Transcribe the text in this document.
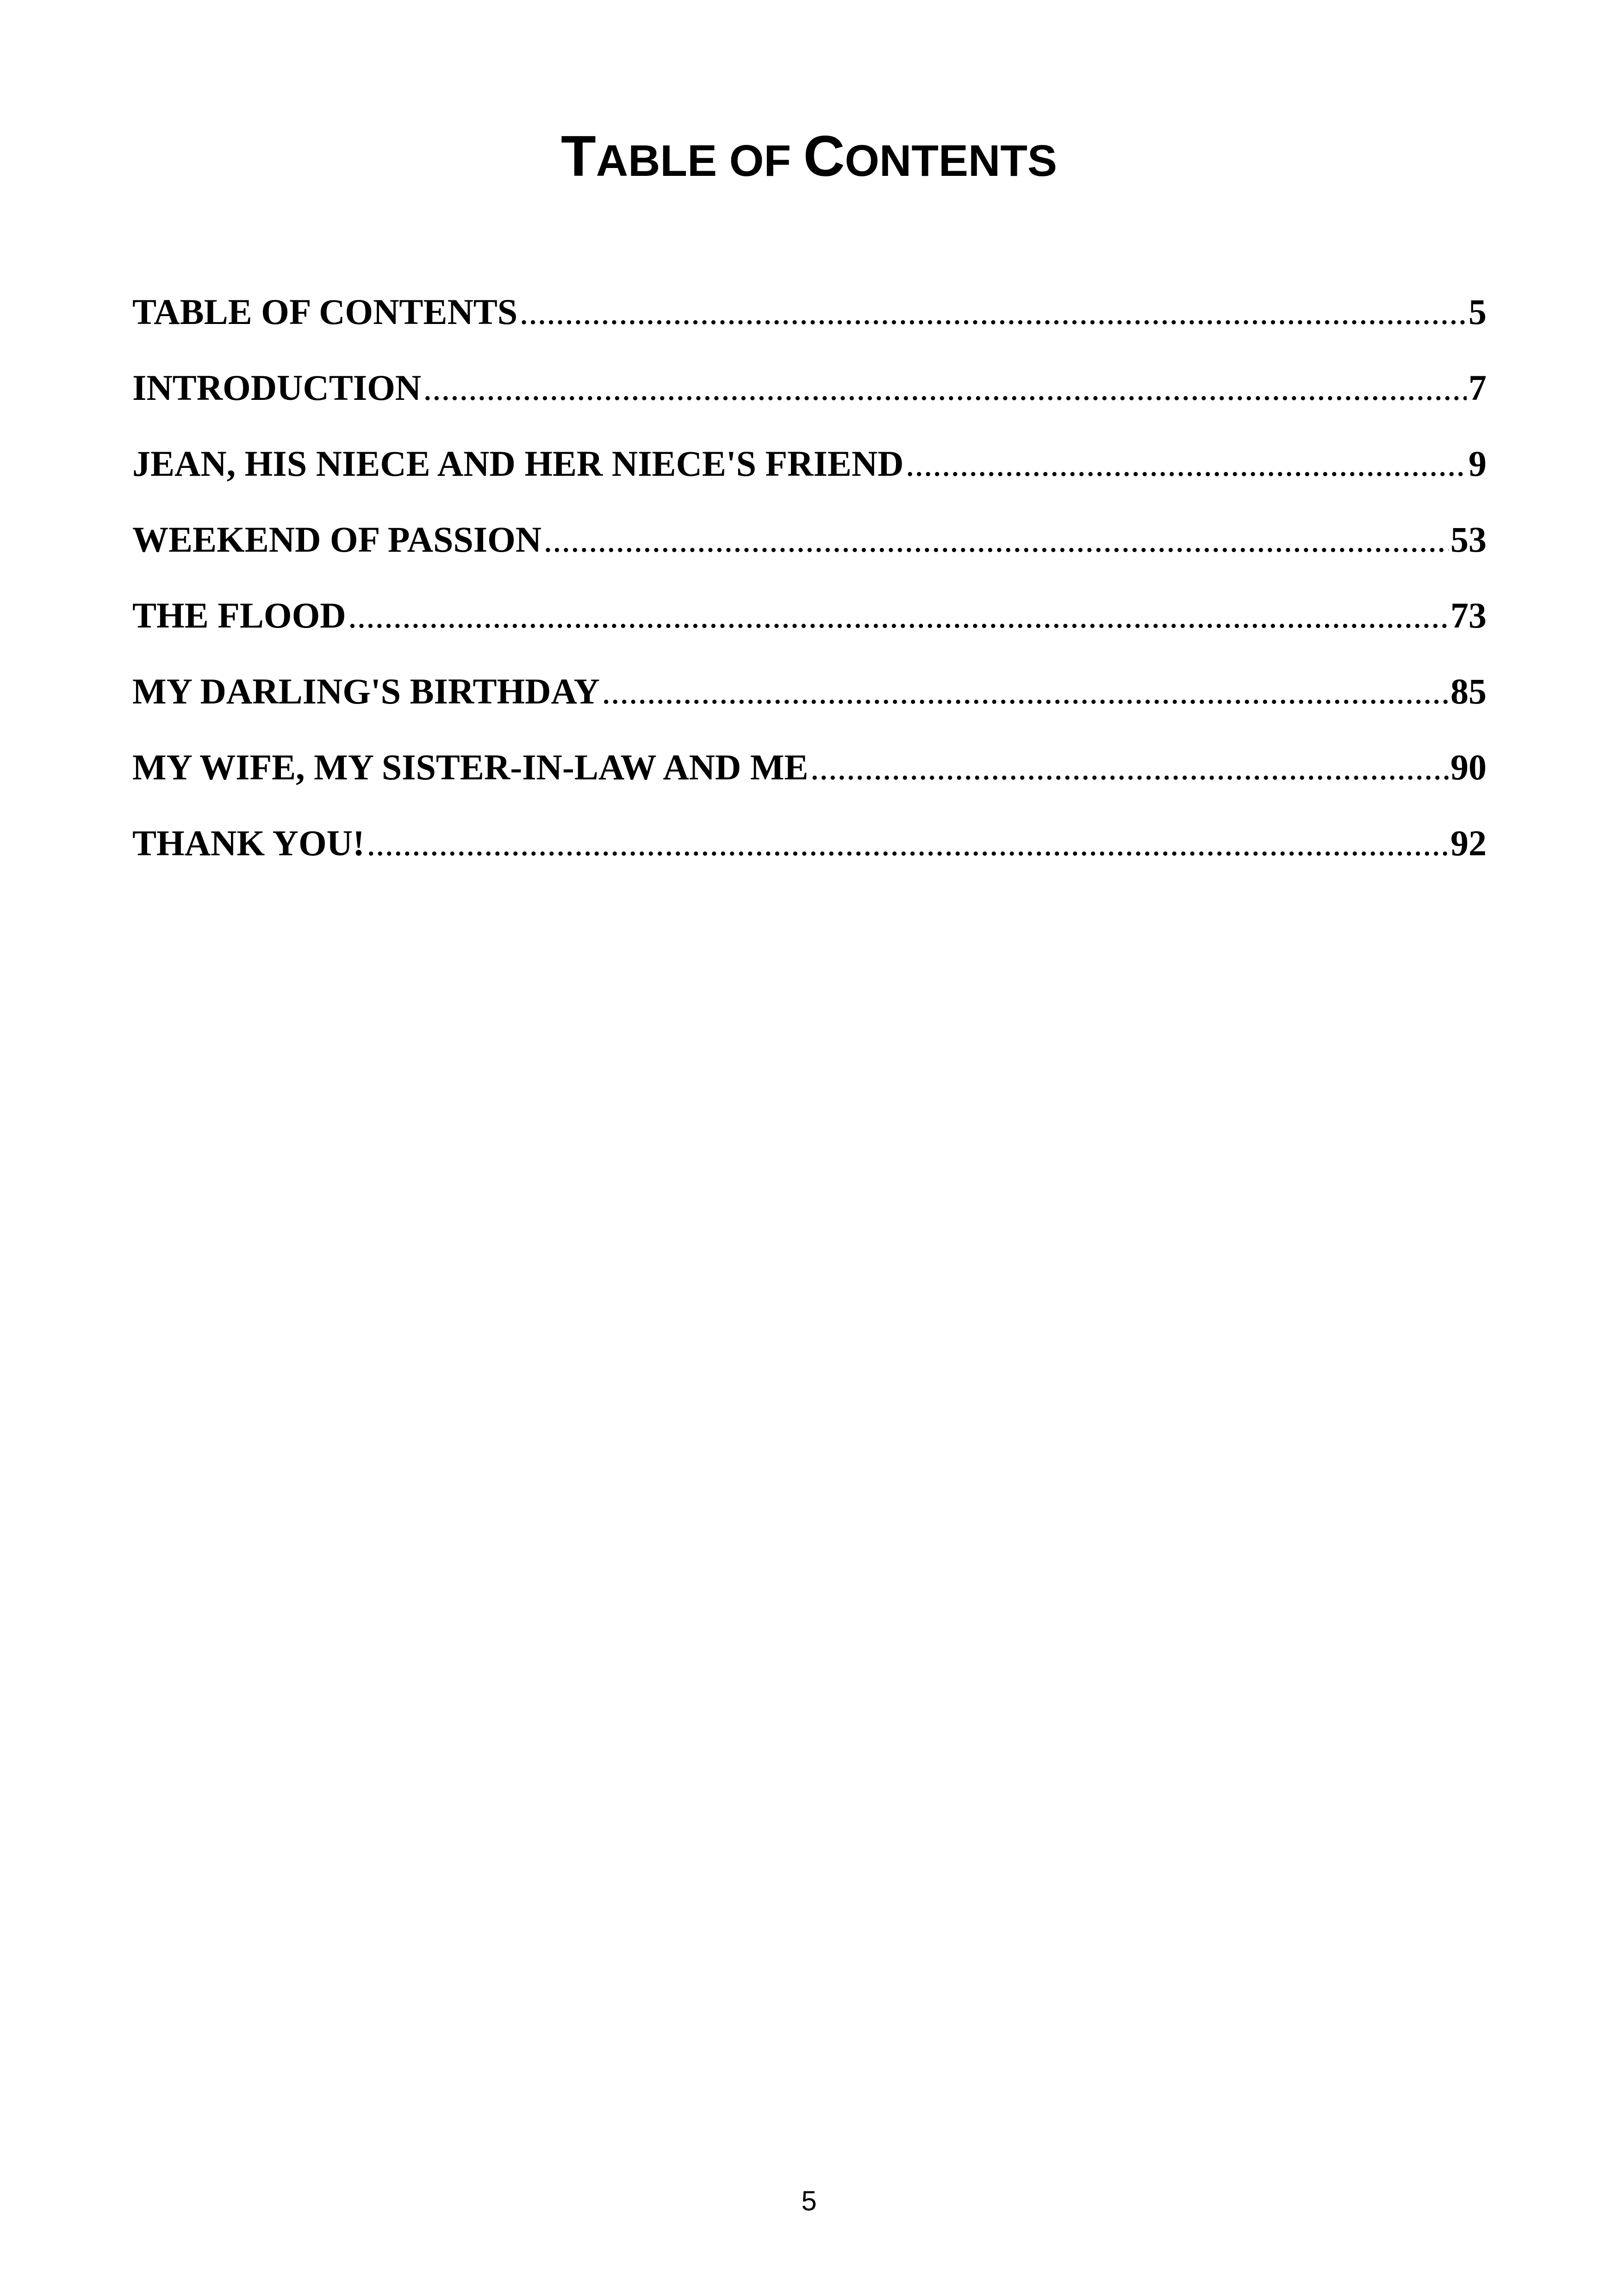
TABLE OF CONTENTS
TABLE OF CONTENTS .....	5
INTRODUCTION .....	7
JEAN, HIS NIECE AND HER NIECE'S FRIEND .....	9
WEEKEND OF PASSION .....	53
THE FLOOD .....	73
MY DARLING'S BIRTHDAY .....	85
MY WIFE, MY SISTER-IN-LAW AND ME .....	90
THANK YOU! .....	92
5
